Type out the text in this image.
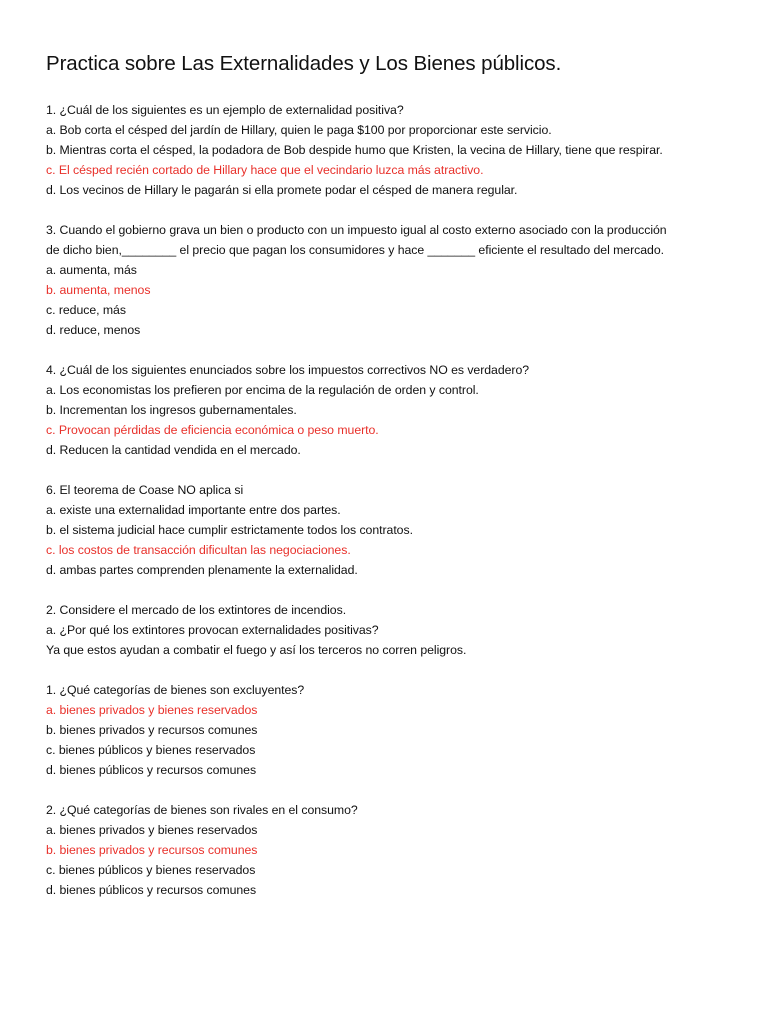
Practica sobre Las Externalidades y Los Bienes públicos.
1. ¿Cuál de los siguientes es un ejemplo de externalidad positiva?
a. Bob corta el césped del jardín de Hillary, quien le paga $100 por proporcionar este servicio.
b. Mientras corta el césped, la podadora de Bob despide humo que Kristen, la vecina de Hillary, tiene que respirar.
c. El césped recién cortado de Hillary hace que el vecindario luzca más atractivo.
d. Los vecinos de Hillary le pagarán si ella promete podar el césped de manera regular.
3. Cuando el gobierno grava un bien o producto con un impuesto igual al costo externo asociado con la producción
de dicho bien,________ el precio que pagan los consumidores y hace _______ eficiente el resultado del mercado.
a. aumenta, más
b. aumenta, menos
c. reduce, más
d. reduce, menos
4. ¿Cuál de los siguientes enunciados sobre los impuestos correctivos NO es verdadero?
a. Los economistas los prefieren por encima de la regulación de orden y control.
b. Incrementan los ingresos gubernamentales.
c. Provocan pérdidas de eficiencia económica o peso muerto.
d. Reducen la cantidad vendida en el mercado.
6. El teorema de Coase NO aplica si
a. existe una externalidad importante entre dos partes.
b. el sistema judicial hace cumplir estrictamente todos los contratos.
c. los costos de transacción dificultan las negociaciones.
d. ambas partes comprenden plenamente la externalidad.
2. Considere el mercado de los extintores de incendios.
a. ¿Por qué los extintores provocan externalidades positivas?
Ya que estos ayudan a combatir el fuego y así los terceros no corren peligros.
1. ¿Qué categorías de bienes son excluyentes?
a. bienes privados y bienes reservados
b. bienes privados y recursos comunes
c. bienes públicos y bienes reservados
d. bienes públicos y recursos comunes
2. ¿Qué categorías de bienes son rivales en el consumo?
a. bienes privados y bienes reservados
b. bienes privados y recursos comunes
c. bienes públicos y bienes reservados
d. bienes públicos y recursos comunes
